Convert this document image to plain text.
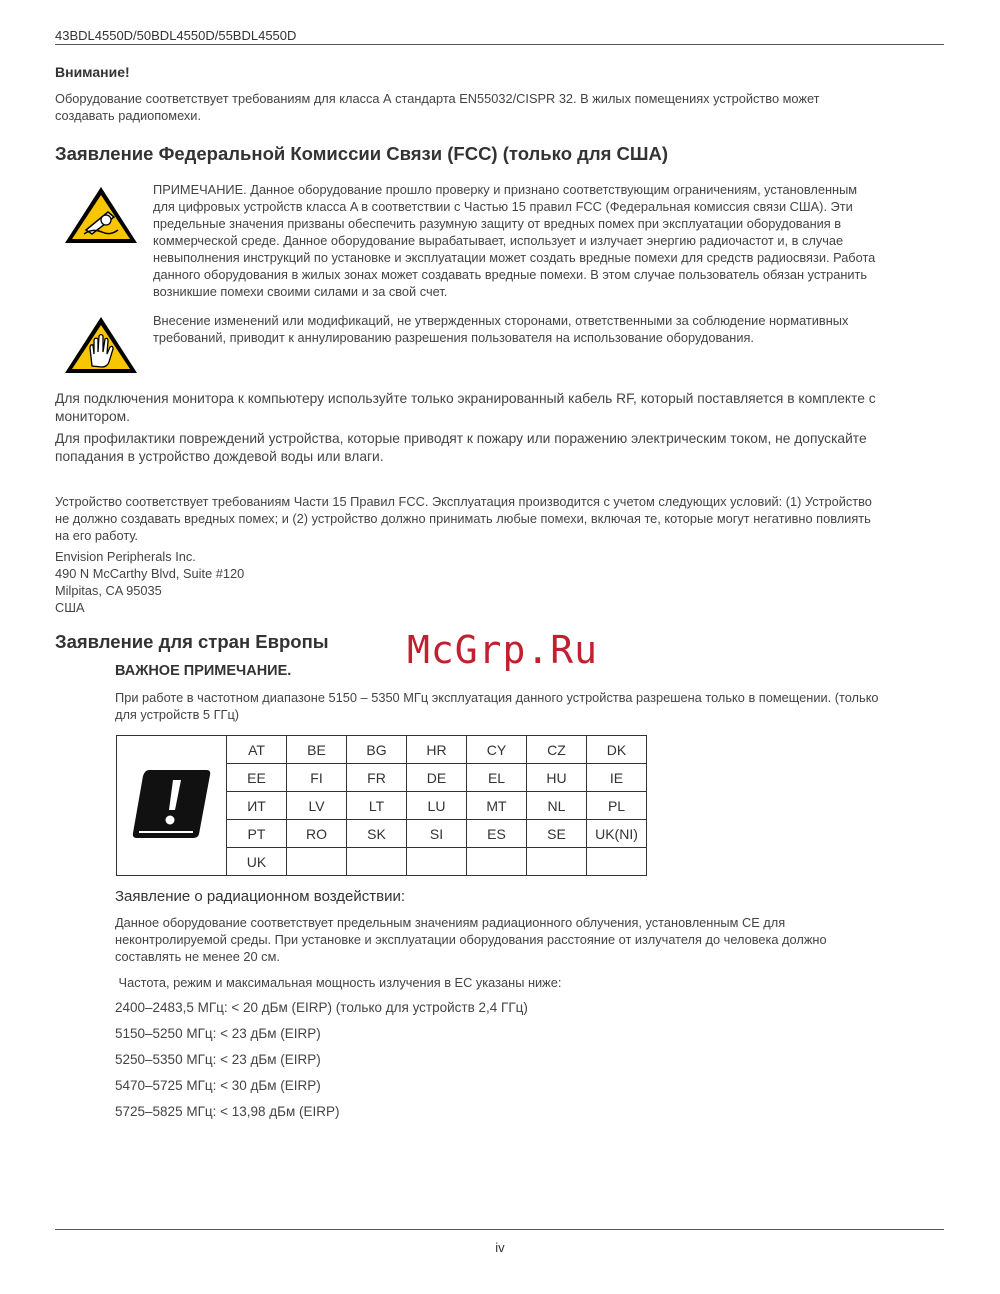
43BDL4550D/50BDL4550D/55BDL4550D
Внимание!
Оборудование соответствует требованиям для класса А стандарта EN55032/CISPR 32. В жилых помещениях устройство может
создавать радиопомехи.
Заявление Федеральной Комиссии Связи (FCC) (только для США)
ПРИМЕЧАНИЕ. Данное оборудование прошло проверку и признано соответствующим ограничениям, установленным
для цифровых устройств класса A в соответствии с Частью 15 правил FCC (Федеральная комиссия связи США). Эти
предельные значения призваны обеспечить разумную защиту от вредных помех при эксплуатации оборудования в
коммерческой среде. Данное оборудование вырабатывает, использует и излучает энергию радиочастот и, в случае
невыполнения инструкций по установке и эксплуатации может создать вредные помехи для средств радиосвязи. Работа
данного оборудования в жилых зонах может создавать вредные помехи. В этом случае пользователь обязан устранить
возникшие помехи своими силами и за свой счет.
Внесение изменений или модификаций, не утвержденных сторонами, ответственными за соблюдение нормативных
требований, приводит к аннулированию разрешения пользователя на использование оборудования.
Для подключения монитора к компьютеру используйте только экранированный кабель RF, который поставляется в комплекте с
монитором.
Для профилактики повреждений устройства, которые приводят к пожару или поражению электрическим током, не допускайте
попадания в устройство дождевой воды или влаги.
Устройство соответствует требованиям Части 15 Правил FCC. Эксплуатация производится с учетом следующих условий: (1) Устройство
не должно создавать вредных помех; и (2) устройство должно принимать любые помехи, включая те, которые могут негативно повлиять
на его работу.
Envision Peripherals Inc.
490 N McCarthy Blvd, Suite #120
Milpitas, CA 95035
США
Заявление для стран Европы McGrp.Ru
ВАЖНОЕ ПРИМЕЧАНИЕ.
При работе в частотном диапазоне 5150 – 5350 МГц эксплуатация данного устройства разрешена только в помещении. (только
для устройств 5 ГГц)
	AT	BE	BG	HR	CY	CZ	DK
	EE	FI	FR	DE	EL	HU	IE
	ИТ	LV	LT	LU	MT	NL	PL
	PT	RO	SK	SI	ES	SE	UK(NI)
	UK						
Заявление о радиационном воздействии:
Данное оборудование соответствует предельным значениям радиационного облучения, установленным CE для
неконтролируемой среды. При установке и эксплуатации оборудования расстояние от излучателя до человека должно
составлять не менее 20 см.
Частота, режим и максимальная мощность излучения в ЕС указаны ниже:
2400–2483,5 МГц: < 20 дБм (EIRP) (только для устройств 2,4 ГГц)
5150–5250 МГц: < 23 дБм (EIRP)
5250–5350 МГц: < 23 дБм (EIRP)
5470–5725 МГц: < 30 дБм (EIRP)
5725–5825 МГц: < 13,98 дБм (EIRP)
iv
